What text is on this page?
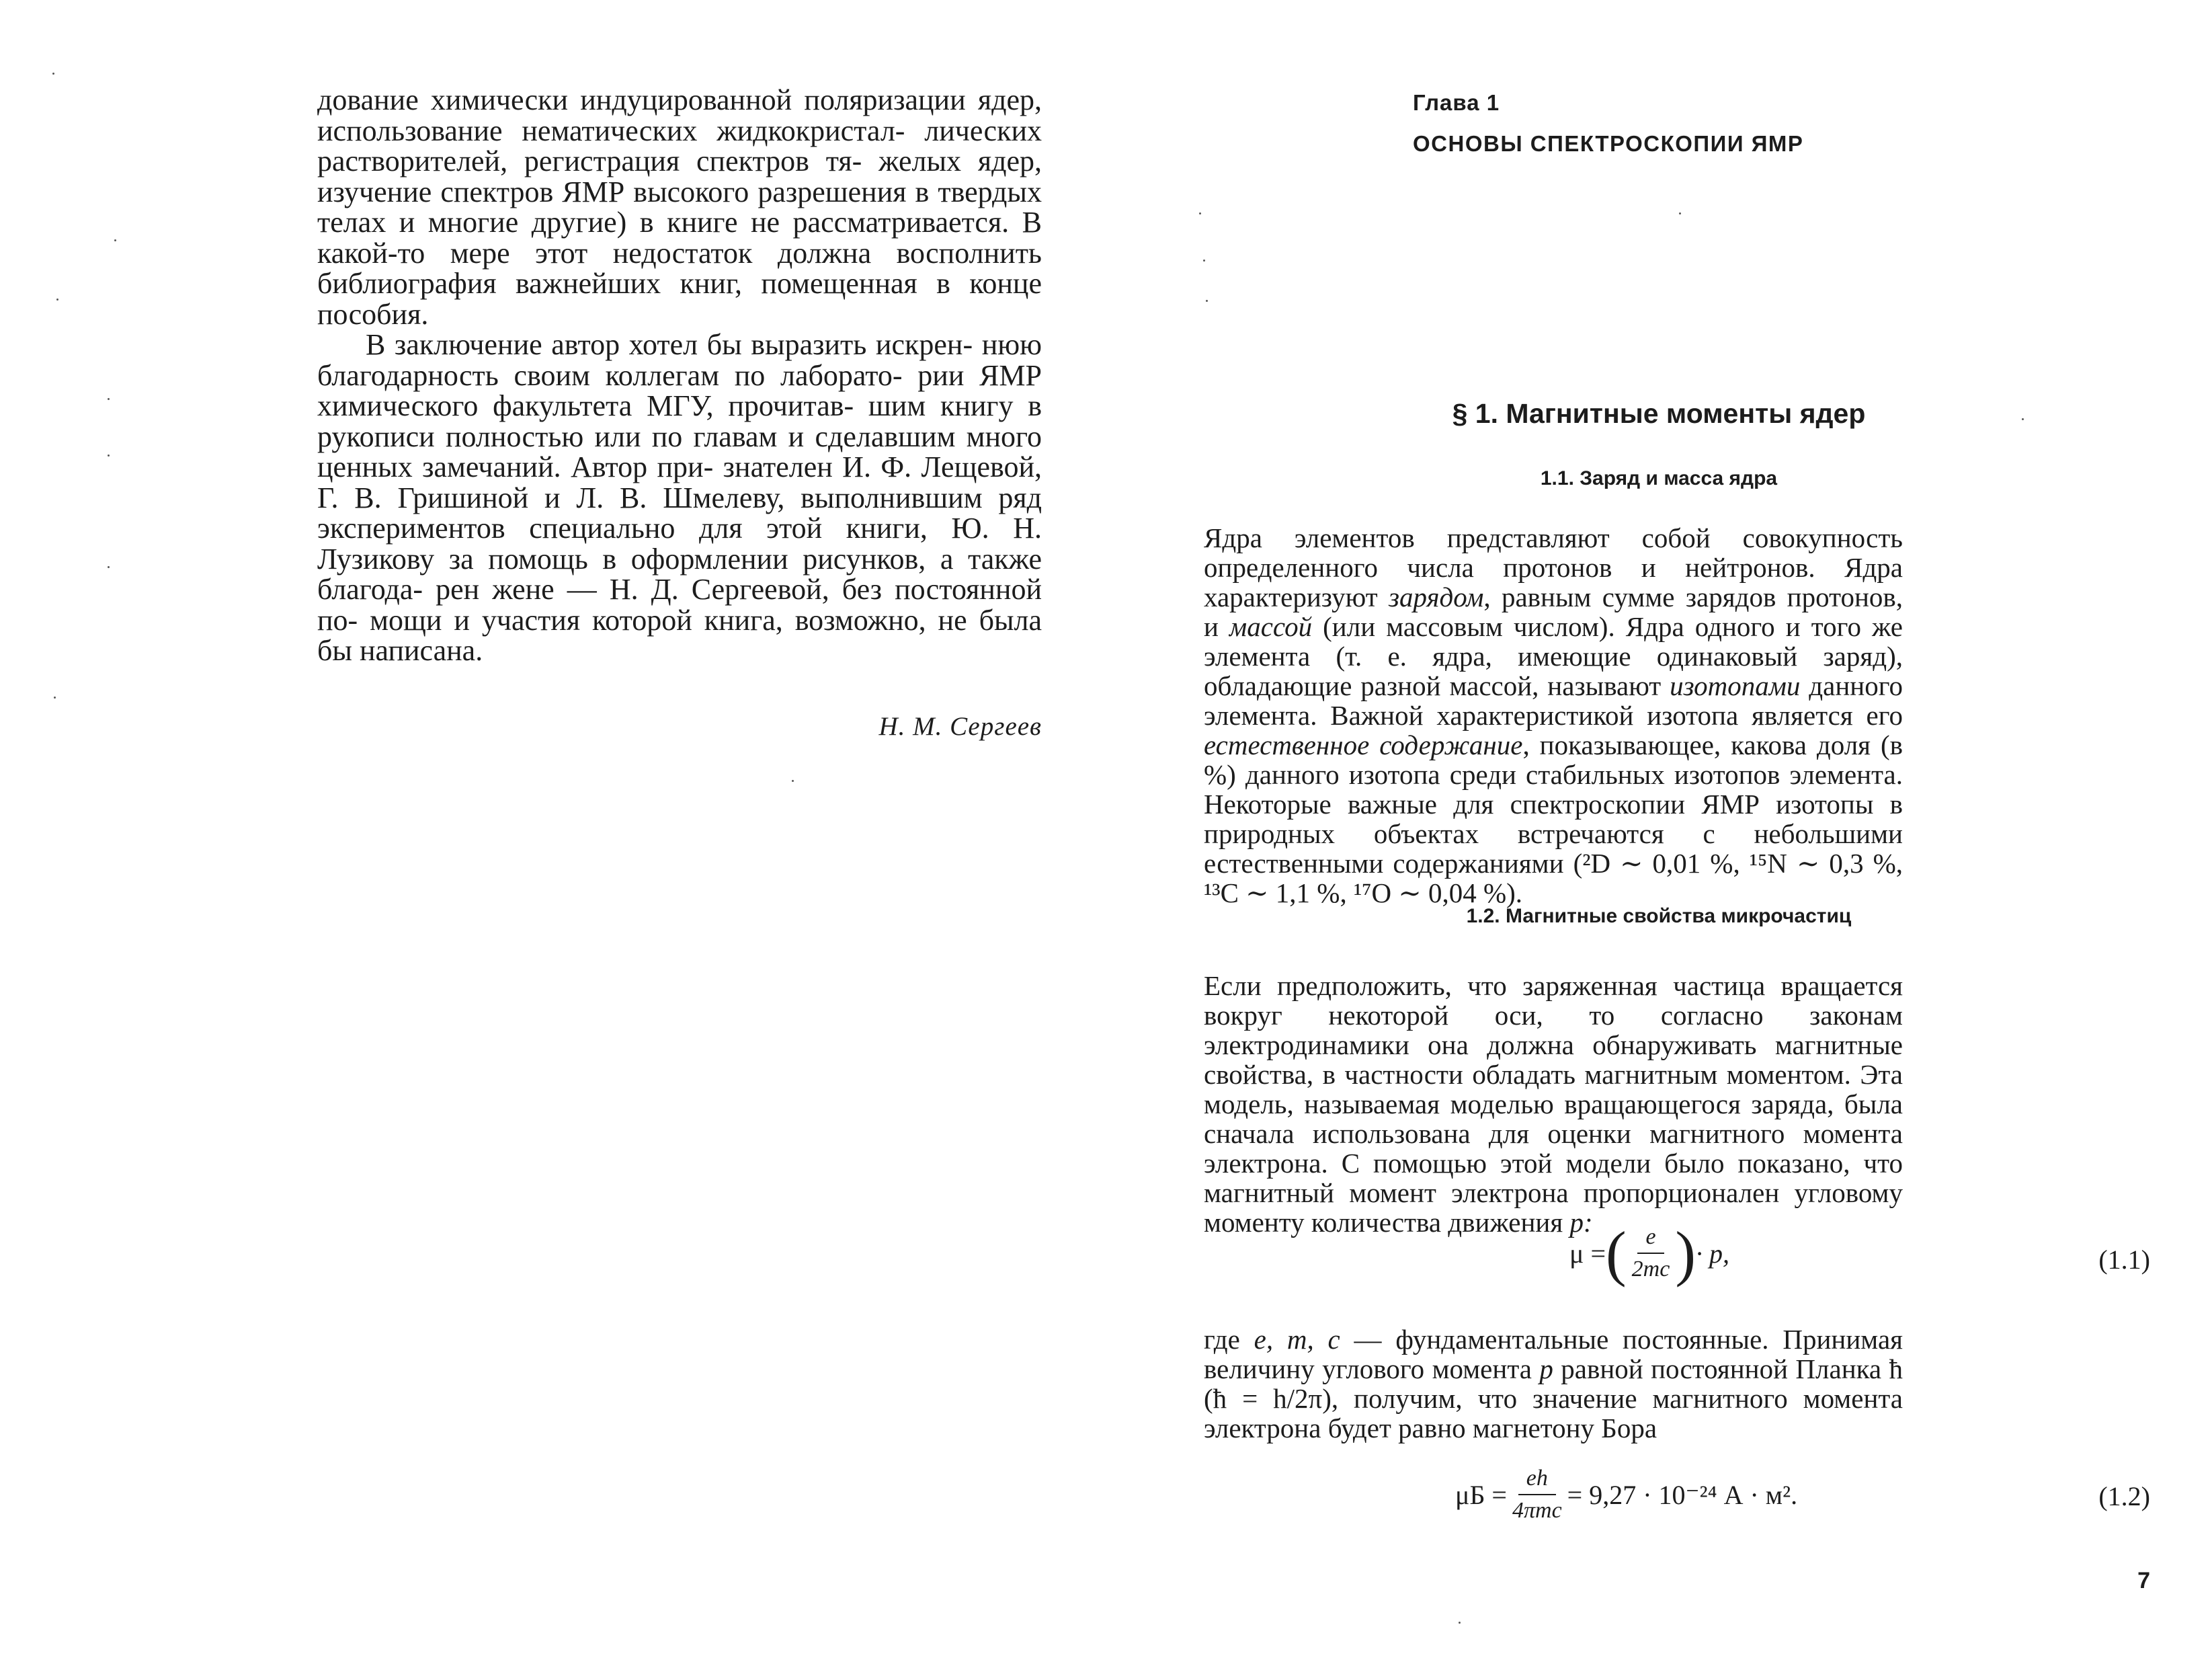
дование химически индуцированной поляризации ядер, использование нематических жидкокристал- лических растворителей, регистрация спектров тя- желых ядер, изучение спектров ЯМР высокого разрешения в твердых телах и многие другие) в книге не рассматривается. В какой-то мере этот недостаток должна восполнить библиография важнейших книг, помещенная в конце пособия.

В заключение автор хотел бы выразить искрен- нюю благодарность своим коллегам по лаборато- рии ЯМР химического факультета МГУ, прочитав- шим книгу в рукописи полностью или по главам и сделавшим много ценных замечаний. Автор при- знателен И. Ф. Лещевой, Г. В. Гришиной и Л. В. Шмелеву, выполнившим ряд экспериментов специально для этой книги, Ю. Н. Лузикову за помощь в оформлении рисунков, а также благода- рен жене — Н. Д. Сергеевой, без постоянной по- мощи и участия которой книга, возможно, не была бы написана.

Н. М. Сергеев
Глава 1
ОСНОВЫ СПЕКТРОСКОПИИ ЯМР
§ 1. Магнитные моменты ядер
1.1. Заряд и масса ядра

Ядра элементов представляют собой совокупность определенного числа протонов и нейтронов. Ядра характеризуют зарядом, равным сумме зарядов протонов, и массой (или массовым числом). Ядра одного и того же элемента (т. е. ядра, имеющие одинаковый заряд), обладающие разной массой, называют изотопами данного элемента. Важной характеристикой изотопа является его естественное содержание, показывающее, какова доля (в %) данного изотопа среди стабильных изотопов элемента. Некоторые важные для спектроскопии ЯМР изотопы в природных объектах встречаются с небольшими естественными содержаниями (²D ∼ 0,01 %, ¹⁵N ∼ 0,3 %, ¹³C ∼ 1,1 %, ¹⁷O ∼ 0,04 %).

1.2. Магнитные свойства микрочастиц

Если предположить, что заряженная частица вращается вокруг некоторой оси, то согласно законам электродинамики она должна обнаруживать магнитные свойства, в частности обладать магнитным моментом. Эта модель, называемая моделью вращающегося заряда, была сначала использована для оценки магнитного момента электрона. С помощью этой модели было показано, что магнитный момент электрона пропорционален угловому моменту количества движения p:

μ = ( $\frac{e}{2mc}$ ) · p,	(1.1)

где e, m, c — фундаментальные постоянные. Принимая величину углового момента p равной постоянной Планка ħ (ħ = h/2π), получим, что значение магнитного момента электрона будет равно магнетону Бора

$\mu Б = \frac{eh}{\text{4πmc}} = 9,27 \cdot 10^{-24}$ А · м².	(1.2)
7
